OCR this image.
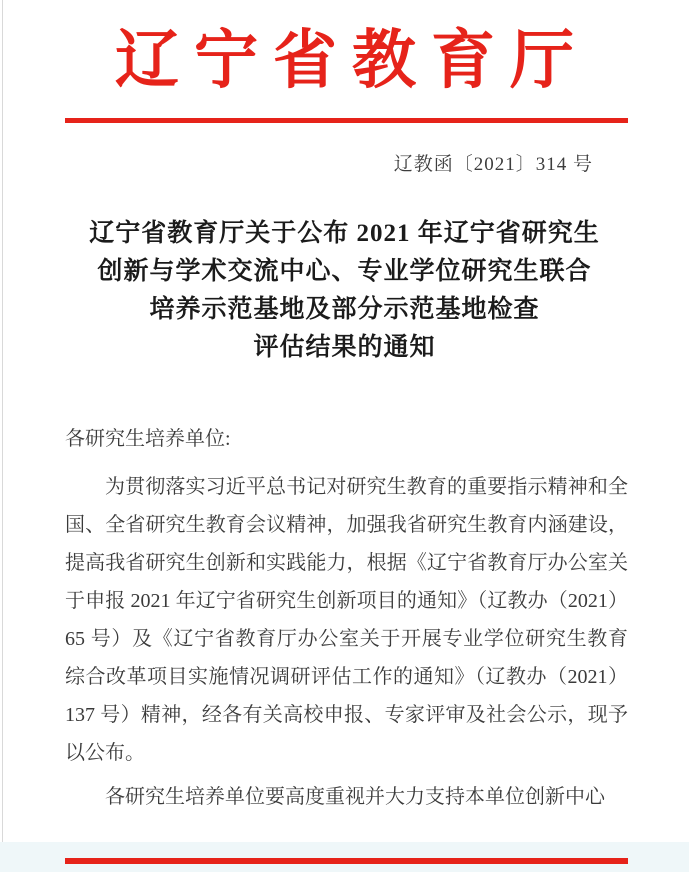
辽宁省教育厅
辽教函〔2021〕314 号
辽宁省教育厅关于公布 2021 年辽宁省研究生
创新与学术交流中心、专业学位研究生联合
培养示范基地及部分示范基地检查
评估结果的通知

各研究生培养单位:

为贯彻落实习近平总书记对研究生教育的重要指示精神和全国、全省研究生教育会议精神，加强我省研究生教育内涵建设，提高我省研究生创新和实践能力，根据《辽宁省教育厅办公室关于申报 2021 年辽宁省研究生创新项目的通知》（辽教办（2021）65 号）及《辽宁省教育厅办公室关于开展专业学位研究生教育综合改革项目实施情况调研评估工作的通知》（辽教办（2021）137 号）精神，经各有关高校申报、专家评审及社会公示，现予以公布。

各研究生培养单位要高度重视并大力支持本单位创新中心
